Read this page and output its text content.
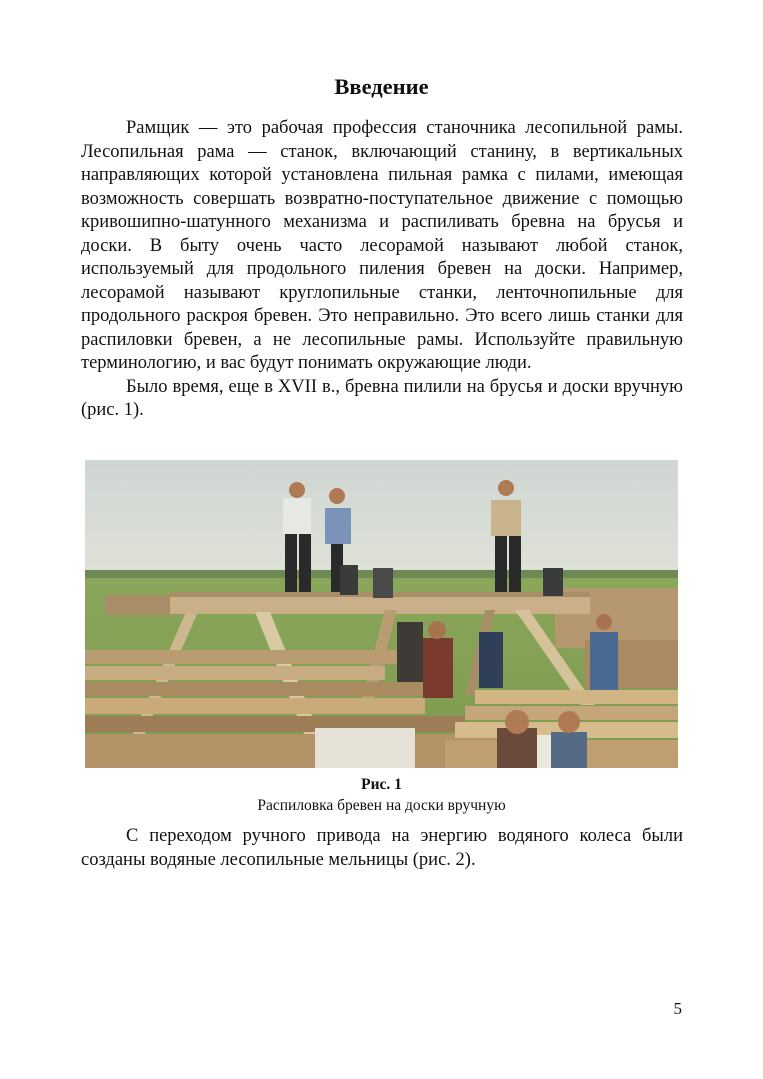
Введение

Рамщик — это рабочая профессия станочника лесопильной рамы. Лесопильная рама — станок, включающий станину, в вертикальных направляющих которой установлена пильная рамка с пилами, имеющая возможность совершать возвратно-поступательное движение с помощью кривошипно-шатунного механизма и распиливать бревна на брусья и доски. В быту очень часто лесорамой называют любой станок, используемый для продольного пиления бревен на доски. Например, лесорамой называют круглопильные станки, ленточнопильные для продольного раскроя бревен. Это неправильно. Это всего лишь станки для распиловки бревен, а не лесопильные рамы. Используйте правильную терминологию, и вас будут понимать окружающие люди.

Было время, еще в XVII в., бревна пилили на брусья и доски вручную (рис. 1).

Рис. 1
Распиловка бревен на доски вручную

С переходом ручного привода на энергию водяного колеса были созданы водяные лесопильные мельницы (рис. 2).

5
